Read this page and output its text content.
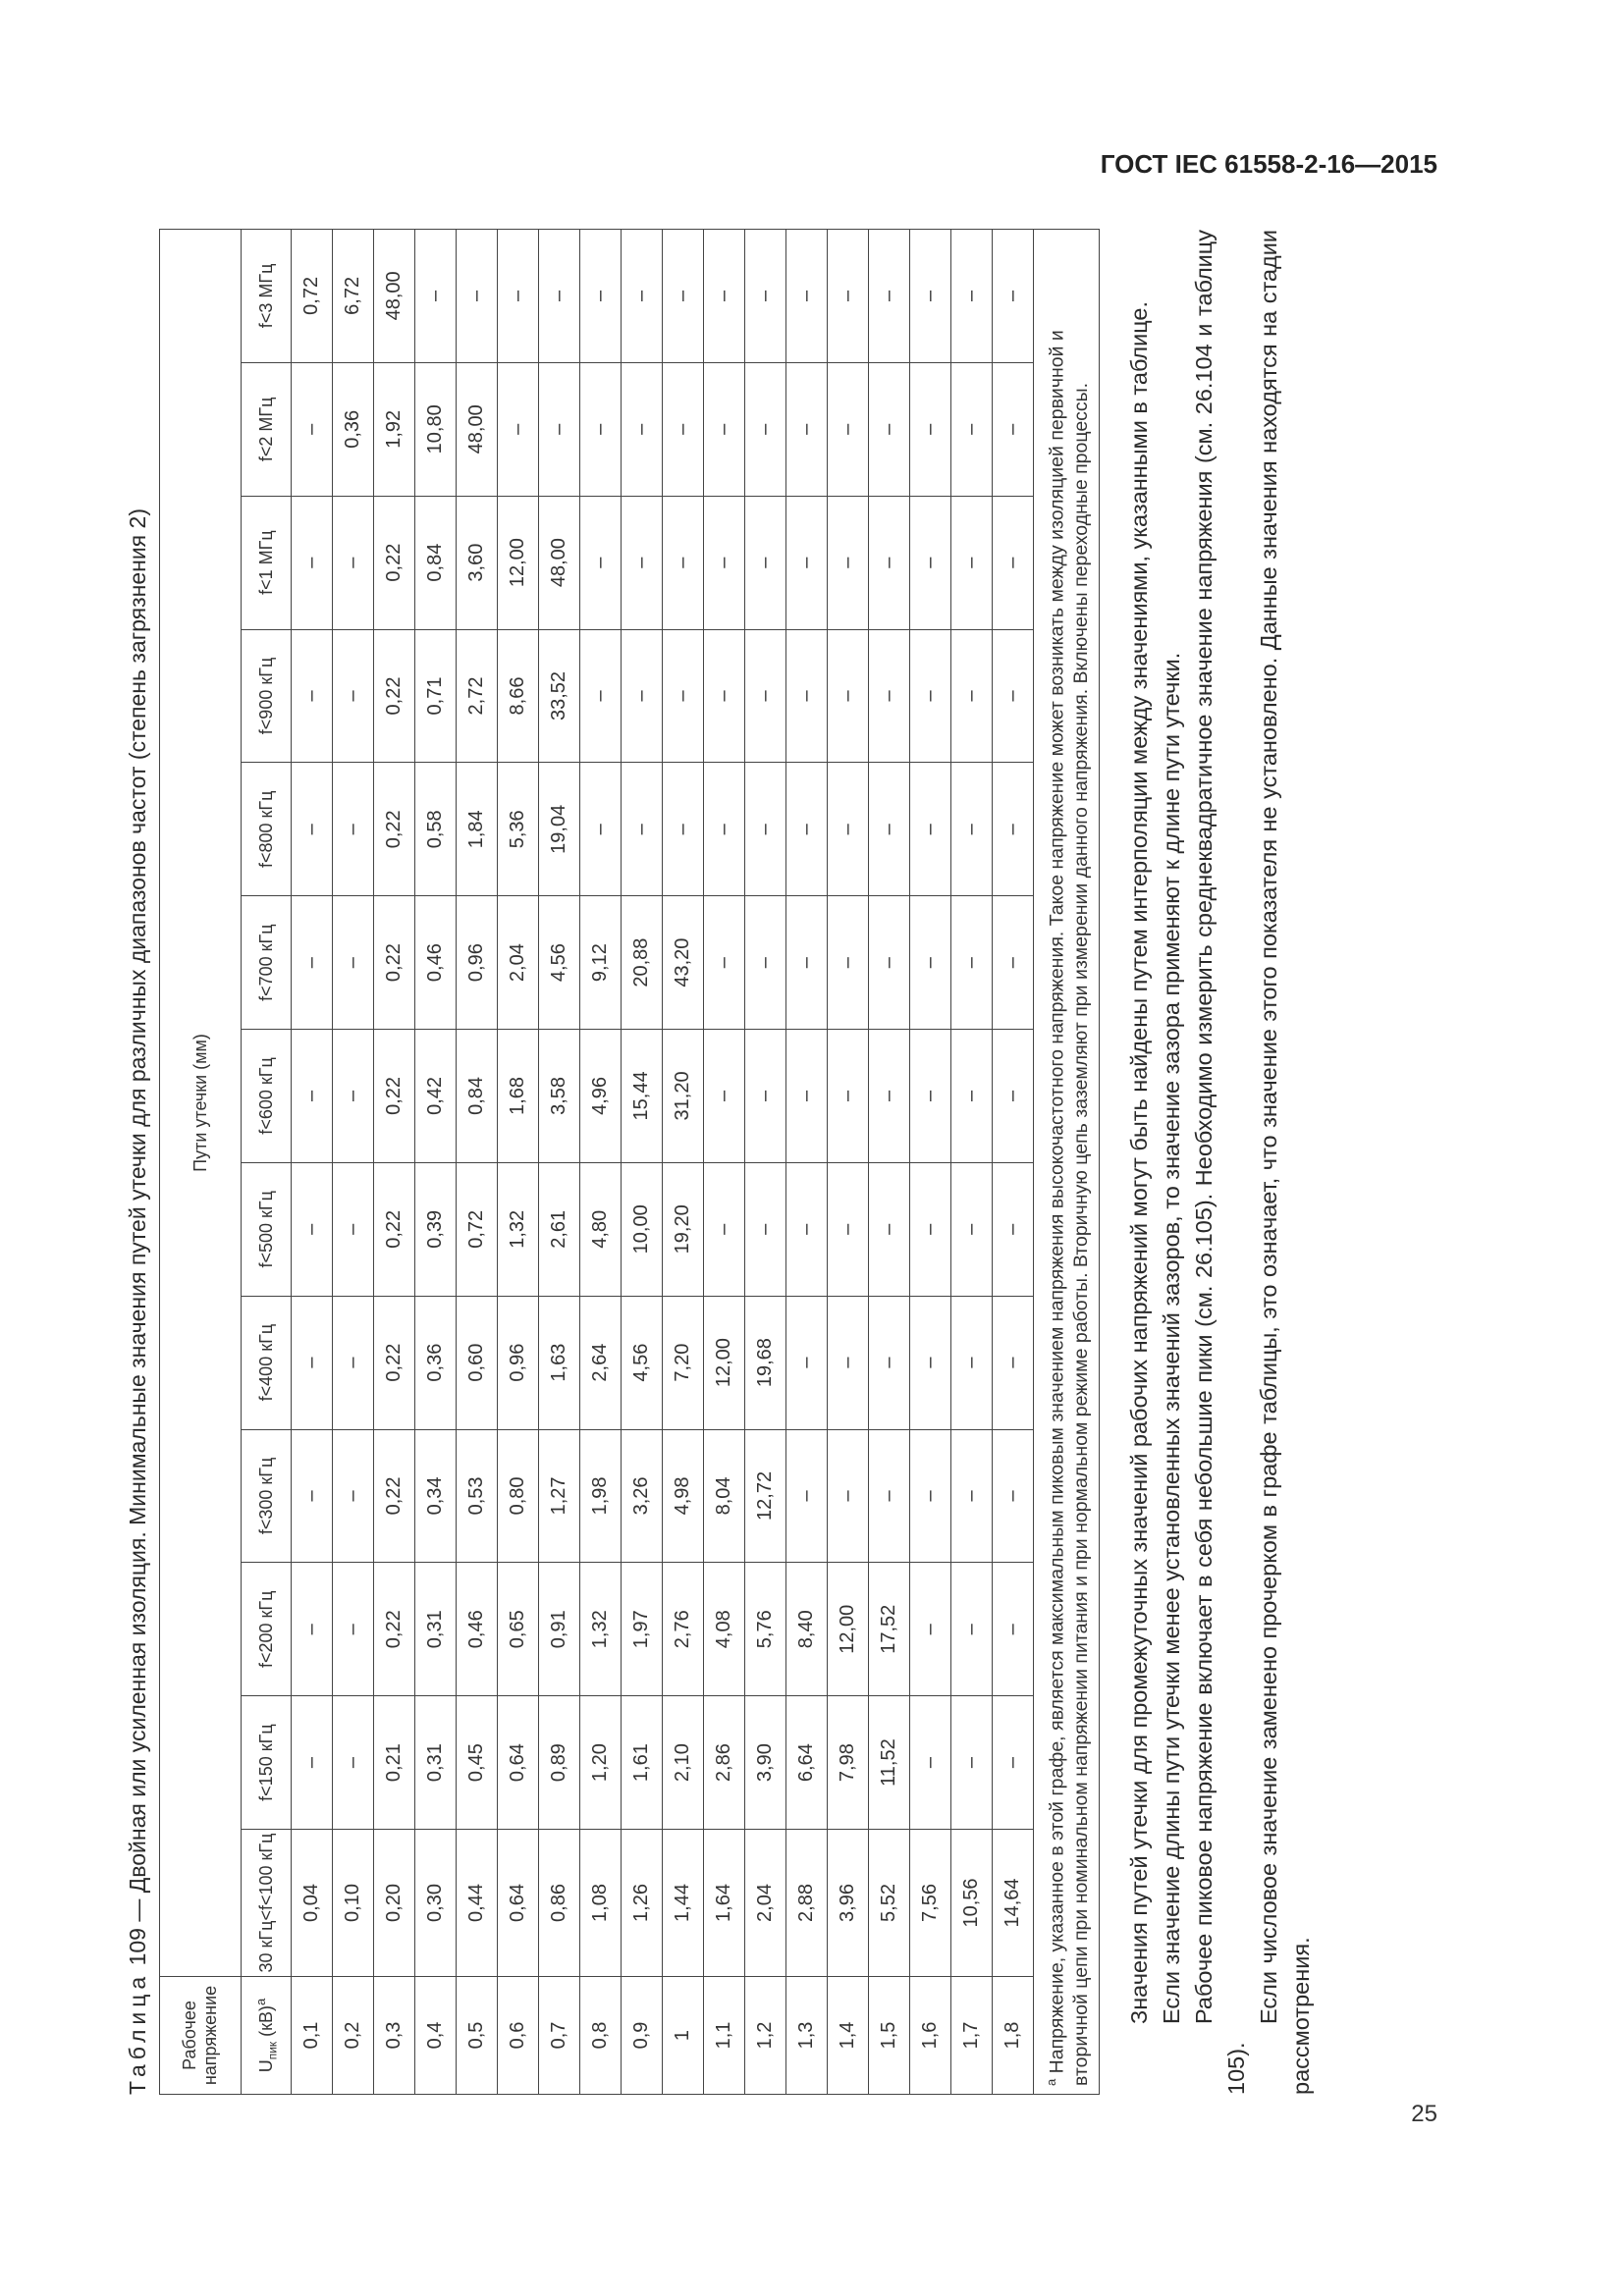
ГОСТ IEC 61558-2-16—2015
Таблица 109 — Двойная или усиленная изоляция. Минимальные значения путей утечки для различных диапазонов частот (степень загрязнения 2)
Рабочее напряжение	Пути утечки (мм)												
$U_{пик}$ (кВ)$^a$	30 кГц<f<100 кГц	f<150 кГц	f<200 кГц	f<300 кГц	f<400 кГц	f<500 кГц	f<600 кГц	f<700 кГц	f<800 кГц	f<900 кГц	f<1 МГц	f<2 МГц	f<3 МГц
0,1	0,04	–	–	–	–	–	–	–	–	–	–	–	0,72
0,2	0,10	–	–	–	–	–	–	–	–	–	–	0,36	6,72
0,3	0,20	0,21	0,22	0,22	0,22	0,22	0,22	0,22	0,22	0,22	0,22	1,92	48,00
0,4	0,30	0,31	0,31	0,34	0,36	0,39	0,42	0,46	0,58	0,71	0,84	10,80	–
0,5	0,44	0,45	0,46	0,53	0,60	0,72	0,84	0,96	1,84	2,72	3,60	48,00	–
0,6	0,64	0,64	0,65	0,80	0,96	1,32	1,68	2,04	5,36	8,66	12,00	–	–
0,7	0,86	0,89	0,91	1,27	1,63	2,61	3,58	4,56	19,04	33,52	48,00	–	–
0,8	1,08	1,20	1,32	1,98	2,64	4,80	4,96	9,12	–	–	–	–	–
0,9	1,26	1,61	1,97	3,26	4,56	10,00	15,44	20,88	–	–	–	–	–
1	1,44	2,10	2,76	4,98	7,20	19,20	31,20	43,20	–	–	–	–	–
1,1	1,64	2,86	4,08	8,04	12,00	–	–	–	–	–	–	–	–
1,2	2,04	3,90	5,76	12,72	19,68	–	–	–	–	–	–	–	–
1,3	2,88	6,64	8,40	–	–	–	–	–	–	–	–	–	–
1,4	3,96	7,98	12,00	–	–	–	–	–	–	–	–	–	–
1,5	5,52	11,52	17,52	–	–	–	–	–	–	–	–	–	–
1,6	7,56	–	–	–	–	–	–	–	–	–	–	–	–
1,7	10,56	–	–	–	–	–	–	–	–	–	–	–	–
1,8	14,64	–	–	–	–	–	–	–	–	–	–	–	–
$^a$ Напряжение, указанное в этой графе, является максимальным пиковым значением напряжения высокочастотного напряжения. Такое напряжение может возникать между изоляцией первичной и вторичной цепи при номинальном напряжении питания и при нормальном режиме работы. Вторичную цепь заземляют при измерении данного напряжения. Включены переходные процессы.													Значения путей утечки для промежуточных значений рабочих напряжений могут быть найдены путем интерполяции между значениями, указанными в таблице. Если значение длины пути утечки менее установленных значений зазоров, то значение зазора применяют к длине пути утечки. Рабочее пиковое напряжение включает в себя небольшие пики (см. 26.105). Необходимо измерить среднеквадратичное значение напряжения (см. 26.104 и таблицу 105).

Если числовое значение заменено прочерком в графе таблицы, это означает, что значение этого показателя не установлено. Данные значения находятся на стадии рассмотрения.

25
